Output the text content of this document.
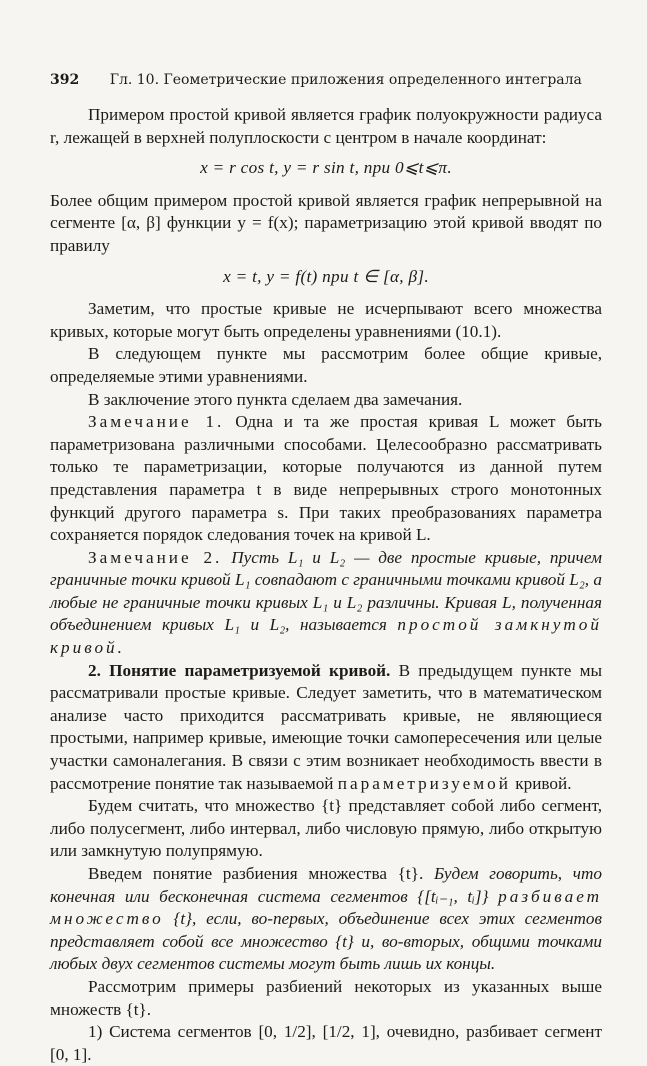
392 Гл. 10. Геометрические приложения определенного интеграла

Примером простой кривой является график полуокружности радиуса r, лежащей в верхней полуплоскости с центром в начале координат:

x = r cos t, y = r sin t, при 0⩽t⩽π.

Более общим примером простой кривой является график непрерывной на сегменте [α, β] функции y = f(x); параметризацию этой кривой вводят по правилу

x = t, y = f(t) при t ∈ [α, β].

Заметим, что простые кривые не исчерпывают всего множества кривых, которые могут быть определены уравнениями (10.1).

В следующем пункте мы рассмотрим более общие кривые, определяемые этими уравнениями.

В заключение этого пункта сделаем два замечания.

Замечание 1. Одна и та же простая кривая L может быть параметризована различными способами. Целесообразно рассматривать только те параметризации, которые получаются из данной путем представления параметра t в виде непрерывных строго монотонных функций другого параметра s. При таких преобразованиях параметра сохраняется порядок следования точек на кривой L.

Замечание 2. Пусть L₁ и L₂ — две простые кривые, причем граничные точки кривой L₁ совпадают с граничными точками кривой L₂, а любые не граничные точки кривых L₁ и L₂ различны. Кривая L, полученная объединением кривых L₁ и L₂, называется простой замкнутой кривой.

2. Понятие параметризуемой кривой. В предыдущем пункте мы рассматривали простые кривые. Следует заметить, что в математическом анализе часто приходится рассматривать кривые, не являющиеся простыми, например кривые, имеющие точки самопересечения или целые участки самоналегания. В связи с этим возникает необходимость ввести в рассмотрение понятие так называемой параметризуемой кривой.

Будем считать, что множество {t} представляет собой либо сегмент, либо полусегмент, либо интервал, либо числовую прямую, либо открытую или замкнутую полупрямую.

Введем понятие разбиения множества {t}. Будем говорить, что конечная или бесконечная система сегментов {[tᵢ₋₁, tᵢ]} разбивает множество {t}, если, во-первых, объединение всех этих сегментов представляет собой все множество {t} и, во-вторых, общими точками любых двух сегментов системы могут быть лишь их концы.

Рассмотрим примеры разбиений некоторых из указанных выше множеств {t}.

1) Система сегментов [0, 1/2], [1/2, 1], очевидно, разбивает сегмент [0, 1].
